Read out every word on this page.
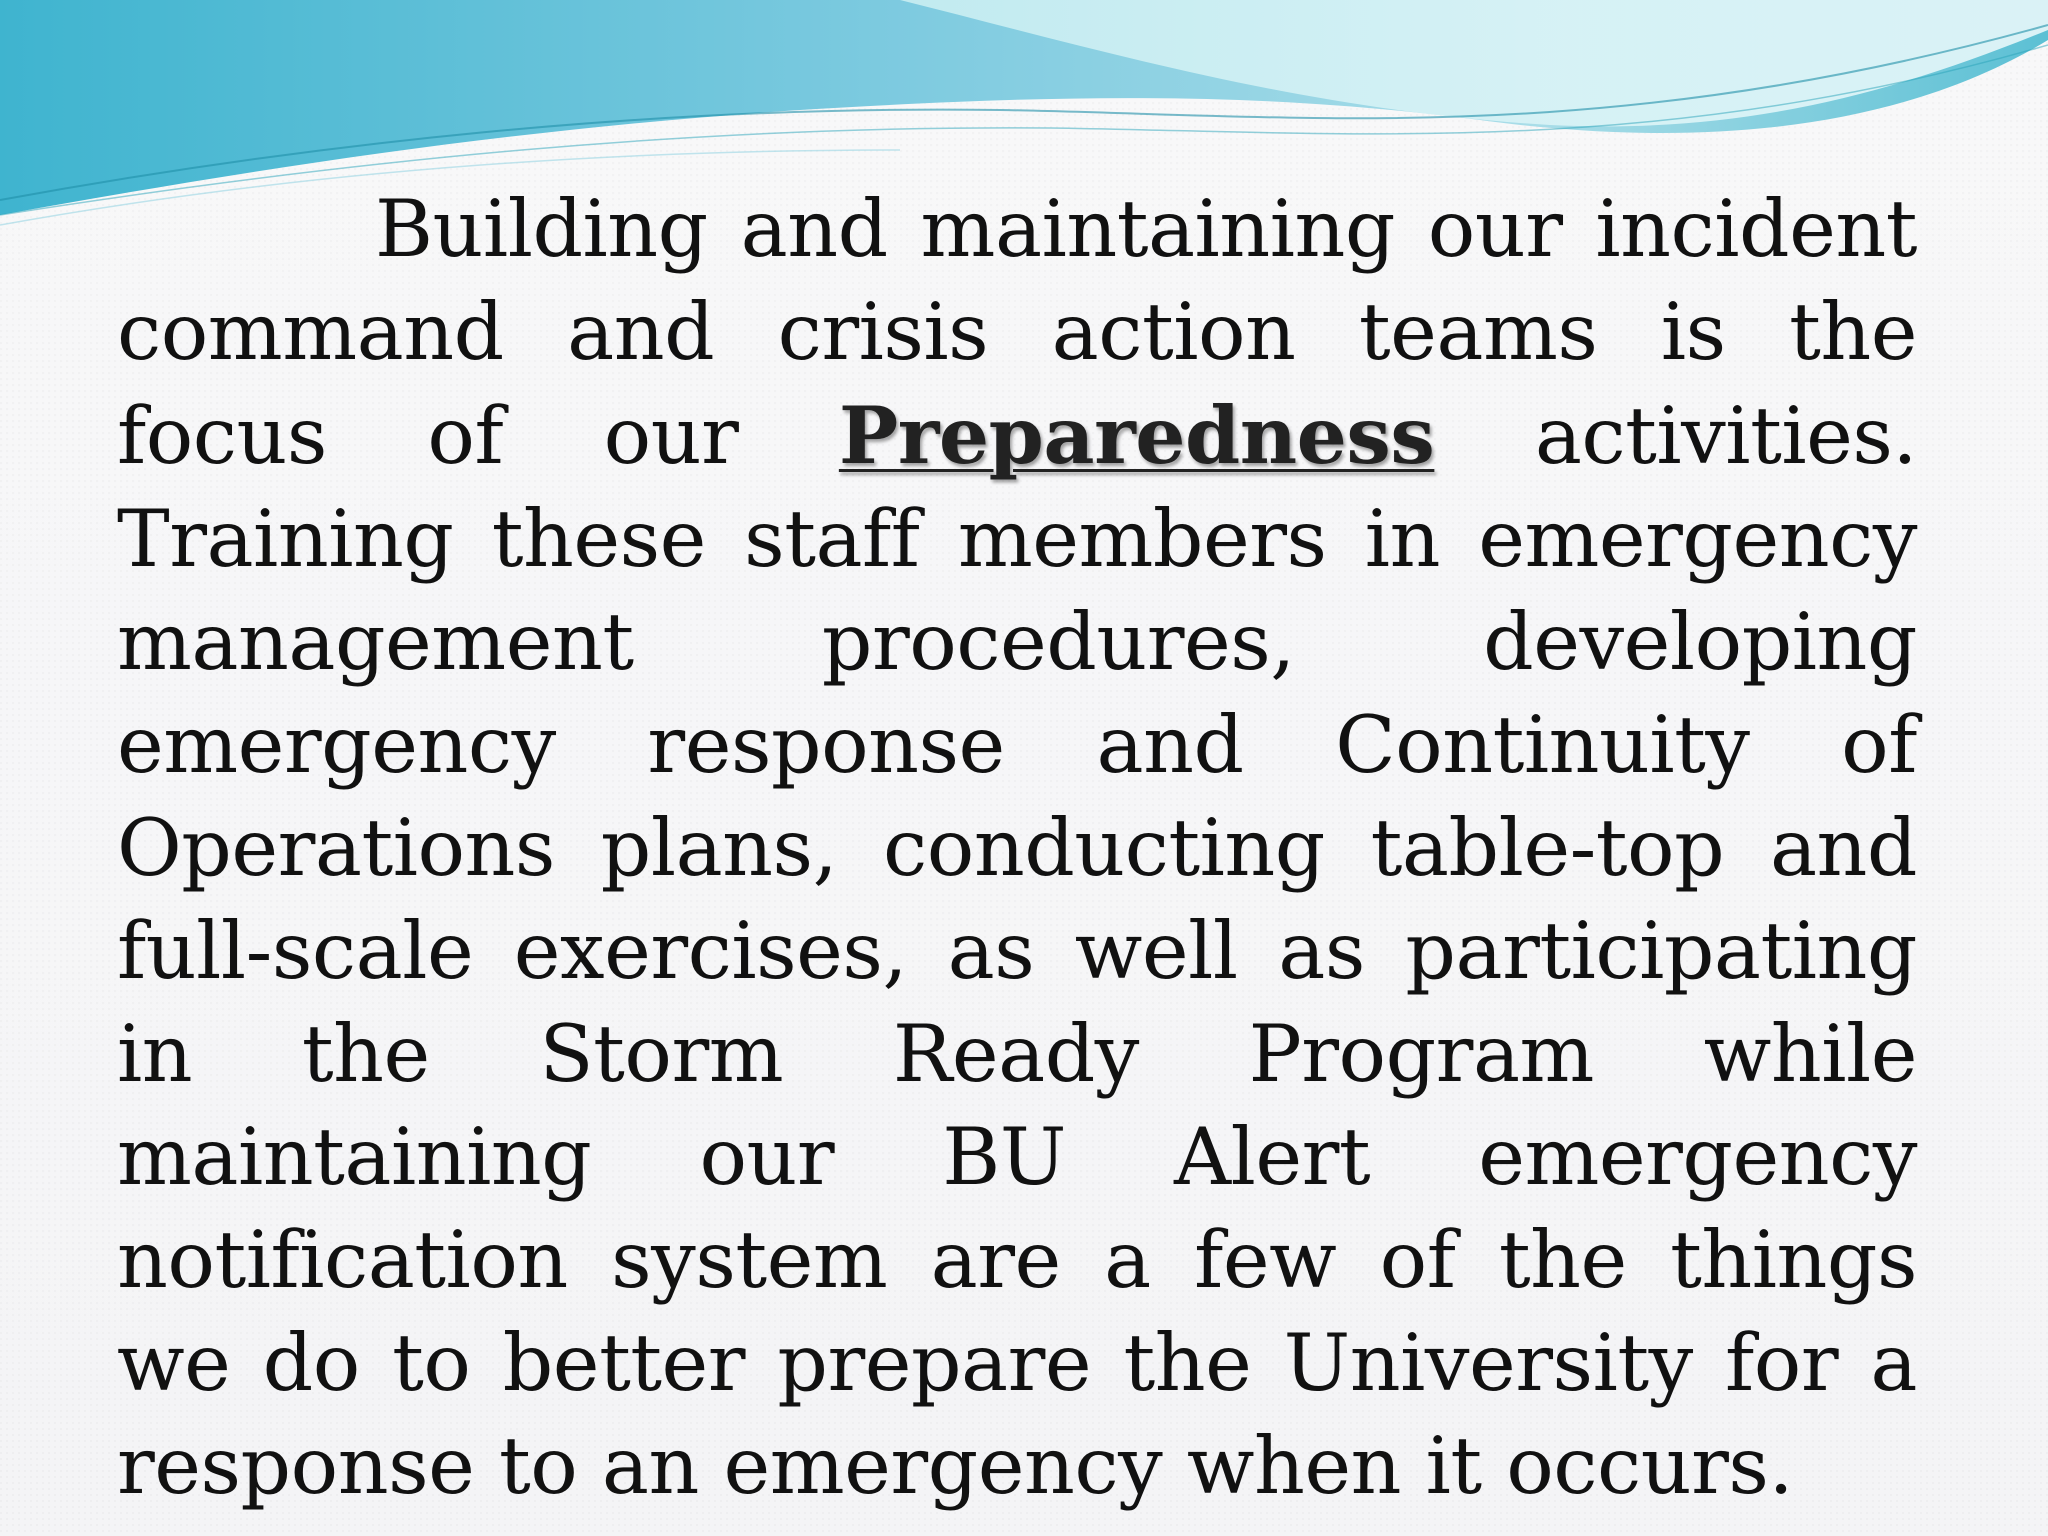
Building and maintaining our incident command and crisis action teams is the focus of our Preparedness activities. Training these staff members in emergency management procedures, developing emergency response and Continuity of Operations plans, conducting table-top and full-scale exercises, as well as participating in the Storm Ready Program while maintaining our BU Alert emergency notification system are a few of the things we do to better prepare the University for a response to an emergency when it occurs.
